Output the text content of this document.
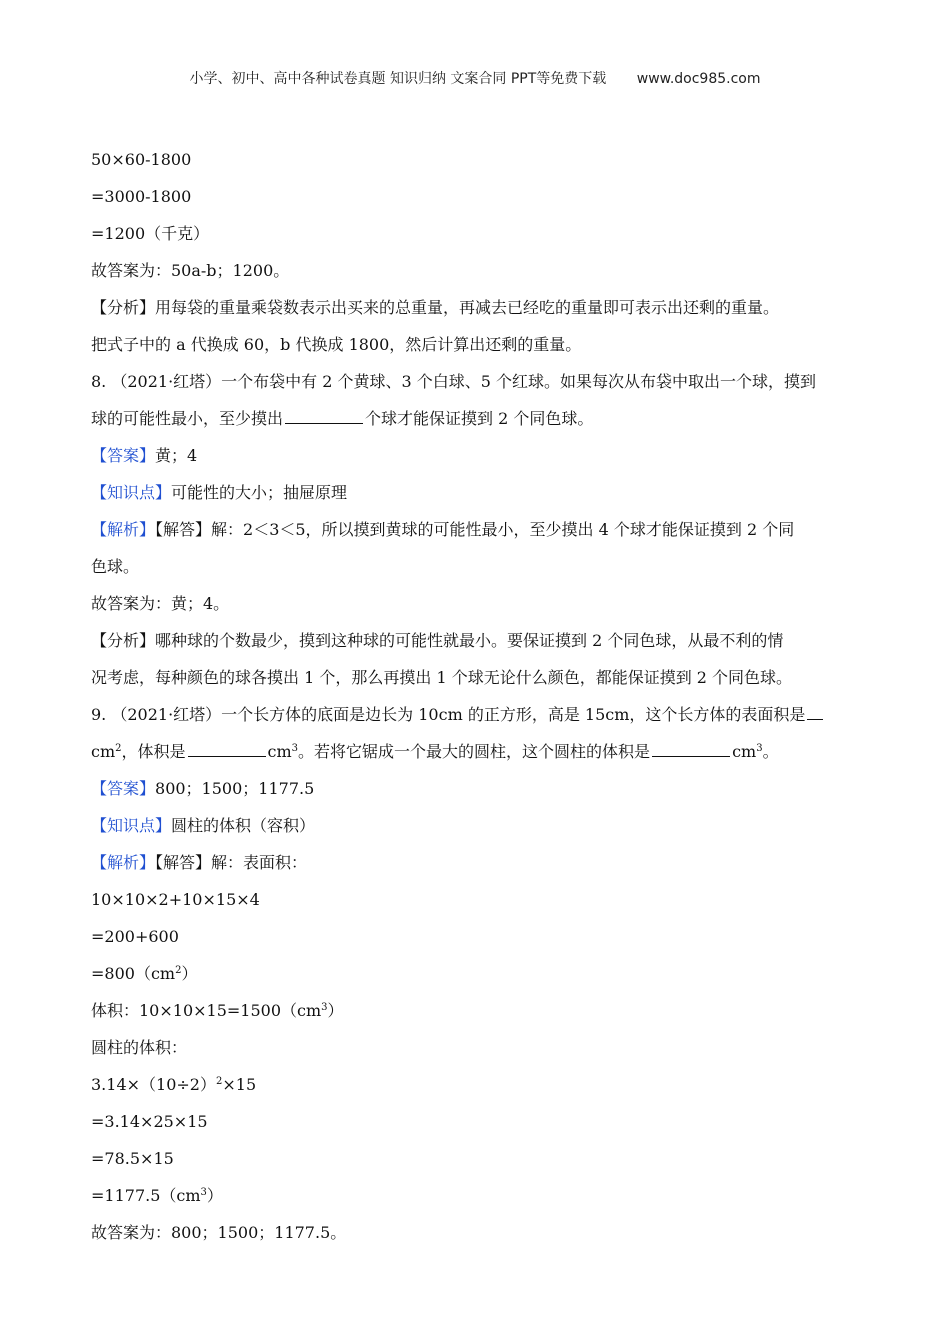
小学、初中、高中各种试卷真题 知识归纳 文案合同 PPT等免费下载 www.doc985.com
50×60-1800
=3000-1800
=1200（千克）
故答案为：50a-b；1200。
【分析】用每袋的重量乘袋数表示出买来的总重量，再减去已经吃的重量即可表示出还剩的重量。
把式子中的 a 代换成 60，b 代换成 1800，然后计算出还剩的重量。
8. （2021·红塔）一个布袋中有 2 个黄球、3 个白球、5 个红球。如果每次从布袋中取出一个球，摸到
球的可能性最小，至少摸出	个球才能保证摸到 2 个同色球。
【答案】黄；4
【知识点】可能性的大小；抽屉原理
【解析】【解答】解：2＜3＜5，所以摸到黄球的可能性最小，至少摸出 4 个球才能保证摸到 2 个同
色球。
故答案为：黄；4。
【分析】哪种球的个数最少，摸到这种球的可能性就最小。要保证摸到 2 个同色球，从最不利的情
况考虑，每种颜色的球各摸出 1 个，那么再摸出 1 个球无论什么颜色，都能保证摸到 2 个同色球。
9. （2021·红塔）一个长方体的底面是边长为 10cm 的正方形，高是 15cm，这个长方体的表面积是
$cm^2$，体积是	$cm^3$。若将它锯成一个最大的圆柱，这个圆柱的体积是	$cm^3$。
【答案】800；1500；1177.5
【知识点】圆柱的体积（容积）
【解析】【解答】解：表面积：
10×10×2+10×15×4
=200+600
$=800(cm^2)$
体积：$10\times 10\times 15=1500(cm^3)$
圆柱的体积：
$3.14\times(10\div 2)^2\times 15$
=3.14×25×15
=78.5×15
$=1177.5(cm^3)$
故答案为：800；1500；1177.5。
